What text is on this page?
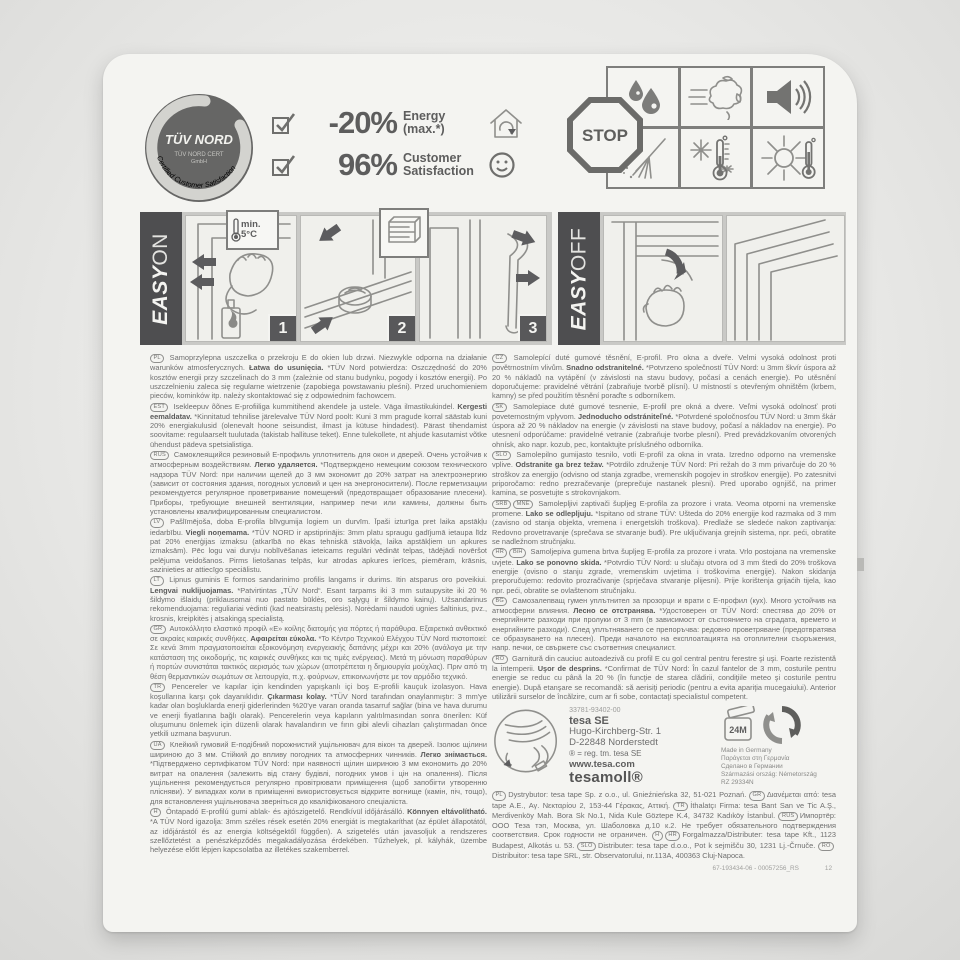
TÜV NORD
TÜV NORD CERT
GmbH
Certified Customer Satisfaction
-20% Energy
(max.*)
96% Customer
Satisfaction
STOP
EASYON
min.
5°C
1	2	3	EASYOFF
PL Samoprzylepna uszczelka o przekroju E do okien lub drzwi. Niezwykle odporna na działanie warunków atmosferycznych. Łatwa do usunięcia. *TÜV Nord potwierdza: Oszczędność do 20% kosztów energii przy szczelinach do 3 mm (zależnie od stanu budynku, pogody i kosztów energii). Po uszczelnieniu zaleca się regularne wietrzenie (zapobiega powstawaniu pleśni). Przed uruchomieniem pieców, kominków itp. należy skontaktować się z odpowiednim fachowcem.
EST Isekleepuv õõnes E-profiiliga kummitihend akendele ja ustele. Väga ilmastikukindel. Kergesti eemaldatav. *Kinnitatud tehnilise järelevalve TÜV Nord poolt: Kuni 3 mm pragude korral säästab kuni 20% energiakulusid (olenevalt hoone seisundist, ilmast ja kütuse hindadest). Pärast tihendamist soovitame: regulaarselt tuulutada (takistab hallituse teket). Enne tulekollete, nt ahjude kasutamist võtke ühendust pädeva spetsialistiga.
RUS Самоклеящийся резиновый E-профиль уплотнитель для окон и дверей. Очень устойчив к атмосферным воздействиям. Легко удаляется. *Подтверждено немецким союзом технического надзора TÜV Nord: при наличии щелей до 3 мм экономит до 20% затрат на электроэнергию (зависит от состояния здания, погодных условий и цен на энергоносители). После герметизации рекомендуется регулярное проветривание помещений (предотвращает образование плесени). Приборы, требующие внешней вентиляции, например печи или камины, должны быть установлены квалифицированным специалистом.
LV Pašlīmējoša, doba E-profila blīvgumija logiem un durvīm. Īpaši izturīga pret laika apstākļu iedarbību. Viegli noņemama. *TÜV NORD ir apstiprinājis: 3mm platu spraugu gadījumā ietaupa līdz pat 20% enerģijas izmaksu (atkarībā no ēkas tehniskā stāvokļa, laika apstākļiem un apkures izmaksām). Pēc logu vai durvju noblīvēšanas ieteicams regulāri vēdināt telpas, tādējādi novēršot pelējuma veidošanos. Pirms lietošanas telpās, kur atrodas apkures ierīces, piemēram, krāsnis, sazinieties ar attiecīgo speciālistu.
LT Lipnus guminis E formos sandarinimo profilis langams ir durims. Itin atsparus oro poveikiui. Lengvai nuklijuojamas. *Patvirtintas „TÜV Nord“. Esant tarpams iki 3 mm sutaupysite iki 20 % šildymo išlaidų (priklausomai nuo pastato būklės, oro sąlygų ir šildymo kainų). Užsandarinus rekomenduojama: reguliariai vėdinti (kad neatsirastų pelėsis). Norėdami naudoti ugnies šaltinius, pvz., krosnis, kreipkitės į atsakingą specialistą.
GR Αυτοκόλλητο ελαστικό προφίλ «Ε» κοίλης διατομής για πόρτες ή παράθυρα. Εξαιρετικά ανθεκτικό σε ακραίες καιρικές συνθήκες. Αφαιρείται εύκολα. *Το Κέντρο Τεχνικού Ελέγχου TÜV Nord πιστοποιεί: Σε κενά 3mm πραγματοποιείται εξοικονόμηση ενεργειακής δαπάνης μέχρι και 20% (ανάλογα με την κατάσταση της οικοδομής, τις καιρικές συνθήκες και τις τιμές ενέργειας). Μετά τη μόνωση παραθύρων ή πορτών συνιστάται τακτικός αερισμός των χώρων (αποτρέπεται η δημιουργία μούχλας). Πριν από τη θέση θερμαντικών σωμάτων σε λειτουργία, π.χ. φούρνων, επικοινωνήστε με τον αρμόδιο τεχνικό.
TR Pencereler ve kapılar için kendinden yapışkanlı içi boş E-profili kauçuk izolasyon. Hava koşullarına karşı çok dayanıklıdır. Çıkarması kolay. *TÜV Nord tarafından onaylanmıştır: 3 mm'ye kadar olan boşluklarda enerji giderlerinden %20'ye varan oranda tasarruf sağlar (bina ve hava durumu ve enerji fiyatlarına bağlı olarak). Pencerelerin veya kapıların yalıtılmasından sonra önerilen: Küf oluşumunu önlemek için düzenli olarak havalandırın ve fırın gibi alevli cihazları çalıştırmadan önce yetkili uzmana başvurun.
UA Клейкий гумовий E-подібний порожнистий ущільнювач для вікон та дверей. Ізолює щілини шириною до 3 мм. Стійкий до впливу погодних та атмосферних чинників. Легко знімається. *Підтверджено сертифікатом TÜV Nord: при наявності щілин шириною 3 мм економить до 20% витрат на опалення (залежить від стану будівлі, погодних умов і цін на опалення). Після ущільнення рекомендується регулярно провітрювати приміщення (щоб запобігти утворенню плісняви). У випадках коли в приміщенні використовується відкрите вогнище (камін, піч, тощо), для встановлення ущільнювача зверніться до кваліфікованого спеціаліста.
H Öntapadó E-profilú gumi ablak- és ajtószigetelő. Rendkívül időjárásálló. Könnyen eltávolítható. *A TÜV Nord igazolja: 3mm széles rések esetén 20% energiát is megtakaríthat (az épület állapotától, az időjárástól és az energia költségektől függően). A szigetelés után javasoljuk a rendszeres szellőztetést a penészképződés megakadályozása érdekében. Tűzhelyek, pl. kályhák, üzembe helyezése előtt lépjen kapcsolatba az illetékes szakemberrel.
CZ Samolepící duté gumové těsnění, E-profil. Pro okna a dveře. Velmi vysoká odolnost proti povětrnostním vlivům. Snadno odstranitelné. *Potvrzeno společností TÜV Nord: u 3mm škvír úspora až 20 % nákladů na vytápění (v závislosti na stavu budovy, počasí a cenách energie). Po utěsnění doporučujeme: pravidelné větrání (zabraňuje tvorbě plísní). U místností s otevřeným ohništěm (krbem, kamny) se před použitím těsnění poraďte s odborníkem.
SK Samolepiace duté gumové tesnenie, E-profil pre okná a dvere. Veľmi vysoká odolnosť proti poveternostným vplyvom. Jednoducho odstrániteľné. *Potvrdené spoločnosťou TÜV Nord: u 3mm škár úspora až 20 % nákladov na energie (v závislosti na stave budovy, počasí a nákladov na energie). Po utesnení odporúčame: pravidelné vetranie (zabraňuje tvorbe plesní). Pred prevádzkovaním otvorených ohnísk, ako napr. kozub, pec, kontaktujte príslušného odborníka.
SLO Samolepilno gumijasto tesnilo, votli E-profil za okna in vrata. Izredno odporno na vremenske vplive. Odstranite ga brez težav. *Potrdilo združenje TÜV Nord: Pri režah do 3 mm privarčuje do 20 % stroškov za energijo (odvisno od stanja zgradbe, vremenskih pogojev in stroškov energije). Po zatesnitvi priporočamo: redno prezračevanje (preprečuje nastanek plesni). Pred uporabo ognjišč, na primer kamina, se posvetujte s strokovnjakom.
SRB MNE Samolepljivi zaptivači šupljeg E-profila za prozore i vrata. Veoma otporni na vremenske promene. Lako se odlepljuju. *Ispitano od strane TÜV: Ušteda do 20% energije kod razmaka od 3 mm (zavisno od stanja objekta, vremena i energetskih troškova). Predlaže se sledeće nakon zaptivanja: Redovno provetravanje (sprečava se stvaranje buđi). Pre uključivanja grejnih sistema, npr. peći, obratite se nadležnom stručnjaku.
HR BiH Samoljepiva gumena brtva šupljeg E-profila za prozore i vrata. Vrlo postojana na vremenske uvjete. Lako se ponovno skida. *Potvrdio TÜV Nord: u slučaju otvora od 3 mm štedi do 20% troškova energije (ovisno o stanju zgrade, vremenskim uvjetima i troškovima energije). Nakon skidanja preporučujemo: redovito prozračivanje (sprječava stvaranje plijesni). Prije korištenja grijaćih tijela, kao npr. peći, obratite se ovlaštenom stručnjaku.
BG Самозалепващ гумен уплътнител за прозорци и врати с E-профил (кух). Много устойчив на атмосферни влияния. Лесно се отстранява. *Удостоверен от TÜV Nord: спестява до 20% от енергийните разходи при пролуки от 3 mm (в зависимост от състоянието на сградата, времето и енергийните разходи). След уплътняването се препоръчва: редовно проветряване (предотвратява се образуването на плесен). Преди началото на експлоатацията на отоплителни съоръжения, напр. печки, се свържете със съответния специалист.
RO Garnitură din cauciuc autoadezivă cu profil E cu gol central pentru ferestre şi uşi. Foarte rezistentă la intemperii. Uşor de desprins. *Confirmat de TÜV Nord: În cazul fantelor de 3 mm, costurile pentru energie se reduc cu până la 20 % (în funcţie de starea clădirii, condiţiile meteo şi costurile pentru energie). După etanşare se recomandă: să aerisiţi periodic (pentru a evita apariţia mucegaiului). Anterior utilizării surselor de încălzire, cum ar fi sobe, contactaţi specialistul competent.
33781-93402-00
tesa SE
Hugo-Kirchberg-Str. 1
D-22848 Norderstedt
® = reg. tm. tesa SE
www.tesa.com
tesamoll®
24M
Made in Germany
Παράγεται στη Γερμανία
Сделано в Германии
Származási ország: Németország
RZ 29334N
PL Dystrybutor: tesa tape Sp. z o.o., ul. Gnieźnieńska 32, 51-021 Poznań. GR Διανέμεται από: tesa tape A.E., Αγ. Νεκταρίου 2, 153-44 Γέρακας, Αττική. TR İthalatçı Firma: tesa Bant San ve Tic A.Ş., Merdivenköy Mah. Bora Sk No.1, Nida Kule Göztepe K.4, 34732 Kadıköy İstanbul. RUS Импортёр: ООО Теза тэп, Москва, ул. Шаболовка д.10 к.2. Не требует обязательного подтверждения соответствия. Срок годности не ограничен. H HR Forgalmazza/Distributer: tesa tape Kft., 1123 Budapest, Alkotás u. 53. SLO Distributer: tesa tape d.o.o., Pot k sejmišču 30, 1231 Lj.-Črnuče. RODistribuitor: tesa tape SRL, str. Observatorului, nr.113A, 400363 Cluj-Napoca.
67-193434-06 - 00057256_RS	12
